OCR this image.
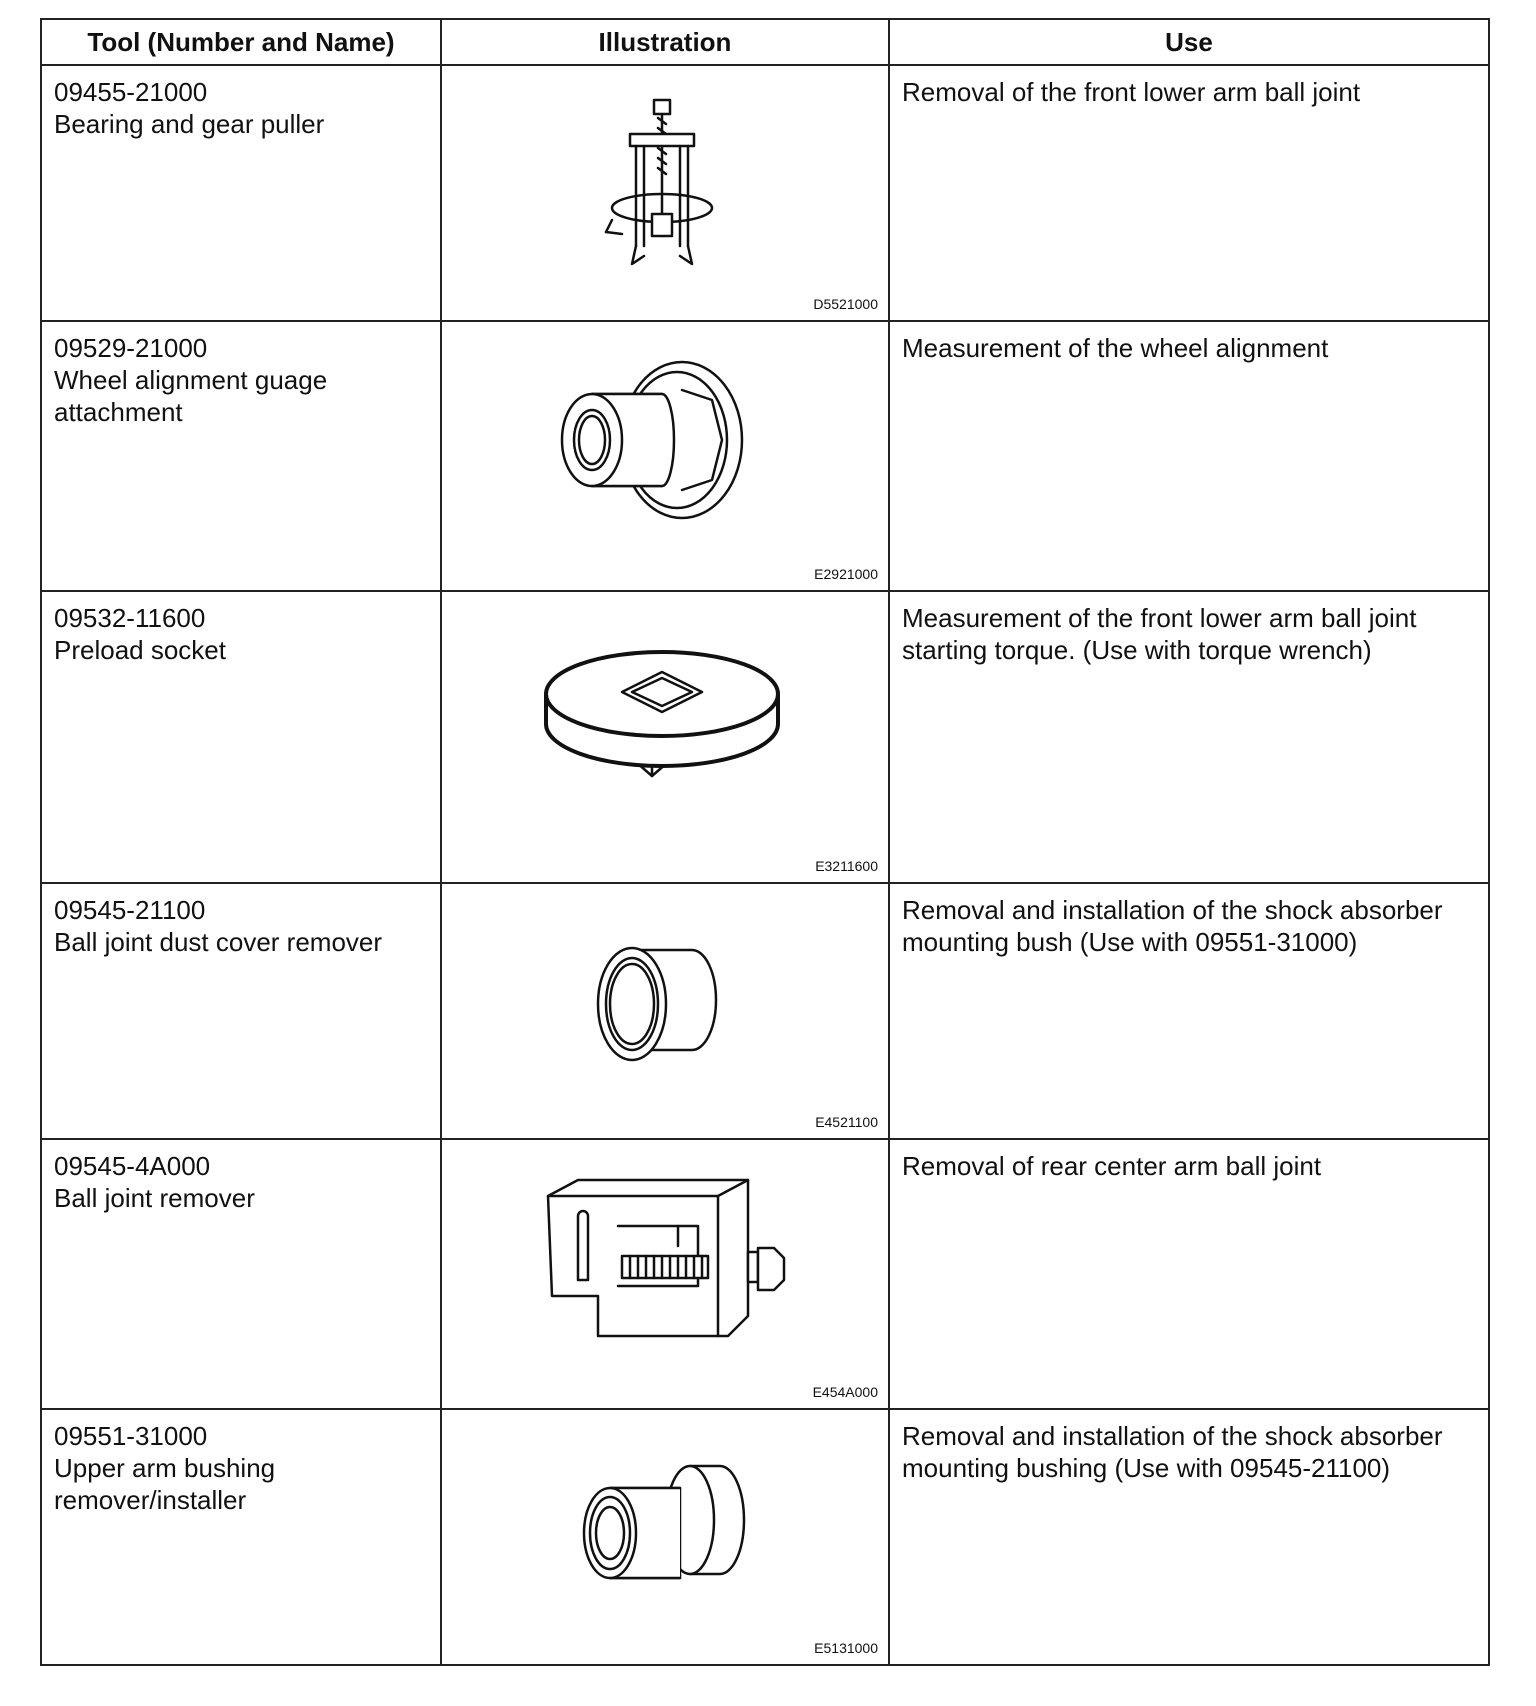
Tool (Number and Name)	Illustration	Use

09455-21000
Bearing and gear puller	D5521000	Removal of the front lower arm ball joint

09529-21000
Wheel alignment guage
attachment	E2921000	Measurement of the wheel alignment

09532-11600
Preload socket	E3211600	Measurement of the front lower arm ball joint starting torque. (Use with torque wrench)

09545-21100
Ball joint dust cover remover	E4521100	Removal and installation of the shock absorber mounting bush (Use with 09551-31000)

09545-4A000
Ball joint remover	E454A000	Removal of rear center arm ball joint

09551-31000
Upper arm bushing
remover/installer	E5131000	Removal and installation of the shock absorber mounting bushing (Use with 09545-21100)
